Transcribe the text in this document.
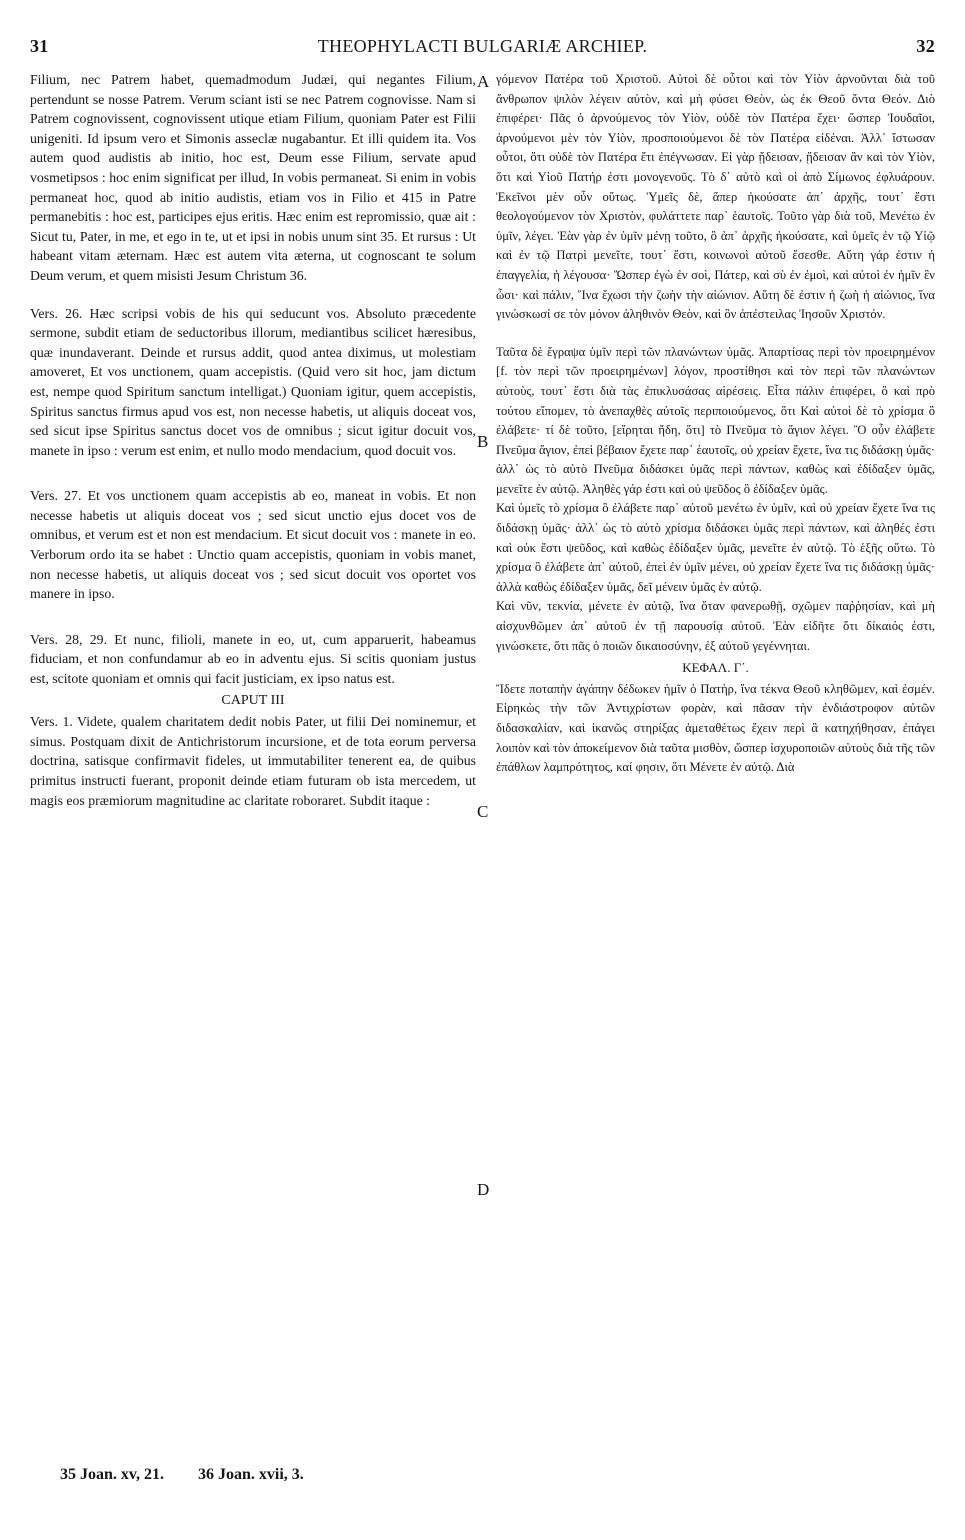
31	THEOPHYLACTI BULGARIÆ ARCHIEP.	32

Filium, nec Patrem habet, quemadmodum Judæi, qui negantes Filium, pertendunt se nosse Patrem. Verum sciant isti se nec Patrem cognovisse. Nam si Patrem cognovissent, cognovissent utique etiam Filium, quoniam Pater est Filii unigeniti. Id ipsum vero et Simonis asseclæ nugabantur. Et illi quidem ita. Vos autem quod audistis ab initio, hoc est, Deum esse Filium, servate apud vosmetipsos : hoc enim significat per illud, In vobis permaneat. Si enim in vobis permaneat hoc, quod ab initio audistis, etiam vos in Filio et 415 in Patre permanebitis : hoc est, participes ejus eritis. Hæc enim est repromissio, quæ ait : Sicut tu, Pater, in me, et ego in te, ut et ipsi in nobis unum sint 35. Et rursus : Ut habeant vitam æternam. Hæc est autem vita æterna, ut cognoscant te solum Deum verum, et quem misisti Jesum Christum 36.

Vers. 26. Hæc scripsi vobis de his qui seducunt vos. Absoluto præcedente sermone, subdit etiam de seductoribus illorum, mediantibus scilicet hæresibus, quæ inundaverant. Deinde et rursus addit, quod antea diximus, ut molestiam amoveret, Et vos unctionem, quam accepistis. (Quid vero sit hoc, jam dictum est, nempe quod Spiritum sanctum intelligat.) Quoniam igitur, quem accepistis, Spiritus sanctus firmus apud vos est, non necesse habetis, ut aliquis doceat vos, sed sicut ipse Spiritus sanctus docet vos de omnibus ; sicut igitur docuit vos, manete in ipso : verum est enim, et nullo modo mendacium, quod docuit vos.

Vers. 27. Et vos unctionem quam accepistis ab eo, maneat in vobis. Et non necesse habetis ut aliquis doceat vos ; sed sicut unctio ejus docet vos de omnibus, et verum est et non est mendacium. Et sicut docuit vos : manete in eo. Verborum ordo ita se habet : Unctio quam accepistis, quoniam in vobis manet, non necesse habetis, ut aliquis doceat vos ; sed sicut docuit vos oportet vos manere in ipso.

Vers. 28, 29. Et nunc, filioli, manete in eo, ut, cum apparuerit, habeamus fiduciam, et non confundamur ab eo in adventu ejus. Si scitis quoniam justus est, scitote quoniam et omnis qui facit justiciam, ex ipso natus est.

CAPUT III

Vers. 1. Videte, qualem charitatem dedit nobis Pater, ut filii Dei nominemur, et simus. Postquam dixit de Antichristorum incursione, et de tota eorum perversa doctrina, satisque confirmavit fideles, ut immutabiliter tenerent ea, de quibus primitus instructi fuerant, proponit deinde etiam futuram ob ista mercedem, ut magis eos præmiorum magnitudine ac claritate roboraret. Subdit itaque :

A
B
C
D

γόμενον Πατέρα τοῦ Χριστοῦ. Αὐτοὶ δὲ οὗτοι καὶ τὸν Υἱὸν ἀρνοῦνται διὰ τοῦ ἄνθρωπον ψιλὸν λέγειν αὐτὸν, καὶ μὴ φύσει Θεὸν, ὡς ἐκ Θεοῦ ὄντα Θεόν. Διὸ ἐπιφέρει· Πᾶς ὁ ἀρνούμενος τὸν Υἱὸν, οὐδὲ τὸν Πατέρα ἔχει· ὥσπερ Ἰουδαῖοι, ἀρνούμενοι μὲν τὸν Υἱὸν, προσποιούμενοι δὲ τὸν Πατέρα εἰδέναι. Ἀλλ᾽ ἴστωσαν οὗτοι, ὅτι οὐδὲ τὸν Πατέρα ἔτι ἐπέγνωσαν. Εἰ γὰρ ᾔδεισαν, ᾔδεισαν ἂν καὶ τὸν Υἱὸν, ὅτι καὶ Υἱοῦ Πατήρ ἐστι μονογενοῦς. Τὸ δ᾽ αὐτὸ καὶ οἱ ἀπὸ Σίμωνος ἐφλυάρουν. Ἐκεῖνοι μὲν οὖν οὕτως. Ὑμεῖς δὲ, ἅπερ ἠκούσατε ἀπ᾽ ἀρχῆς, τουτ᾽ ἔστι θεολογούμενον τὸν Χριστὸν, φυλάττετε παρ᾽ ἑαυτοῖς. Τοῦτο γὰρ διὰ τοῦ, Μενέτω ἐν ὑμῖν, λέγει. Ἐὰν γὰρ ἐν ὑμῖν μένῃ τοῦτο, ὃ ἀπ᾽ ἀρχῆς ἠκούσατε, καὶ ὑμεῖς ἐν τῷ Υἱῷ καὶ ἐν τῷ Πατρὶ μενεῖτε, τουτ᾽ ἔστι, κοινωνοὶ αὐτοῦ ἔσεσθε. Αὕτη γάρ ἐστιν ἡ ἐπαγγελία, ἡ λέγουσα· Ὥσπερ ἐγὼ ἐν σοὶ, Πάτερ, καὶ σὺ ἐν ἐμοὶ, καὶ αὐτοὶ ἐν ἡμῖν ἓν ὦσι· καὶ πάλιν, Ἵνα ἔχωσι τὴν ζωὴν τὴν αἰώνιον. Αὕτη δὲ ἐστιν ἡ ζωὴ ἡ αἰώνιος, ἵνα γινώσκωσί σε τὸν μόνον ἀληθινὸν Θεὸν, καὶ ὃν ἀπέστειλας Ἰησοῦν Χριστόν.

Ταῦτα δὲ ἔγραψα ὑμῖν περὶ τῶν πλανώντων ὑμᾶς. Ἀπαρτίσας περὶ τὸν προειρημένον [f. τὸν περὶ τῶν προειρημένων] λόγον, προστίθησι καὶ τὸν περὶ τῶν πλανώντων αὐτοὺς, τουτ᾽ ἔστι διὰ τὰς ἐπικλυσάσας αἱρέσεις. Εἶτα πάλιν ἐπιφέρει, ὃ καὶ πρὸ τούτου εἴπομεν, τὸ ἀνεπαχθὲς αὐτοῖς περιποιούμενος, ὅτι Καὶ αὐτοὶ δὲ τὸ χρίσμα ὃ ἐλάβετε· τί δὲ τοῦτο, [εἴρηται ἤδη, ὅτι] τὸ Πνεῦμα τὸ ἅγιον λέγει. Ὃ οὖν ἐλάβετε Πνεῦμα ἅγιον, ἐπεὶ βέβαιον ἔχετε παρ᾽ ἑαυτοῖς, οὐ χρείαν ἔχετε, ἵνα τις διδάσκῃ ὑμᾶς· ἀλλ᾽ ὡς τὸ αὐτὸ Πνεῦμα διδάσκει ὑμᾶς περὶ πάντων, καθὼς καὶ ἐδίδαξεν ὑμᾶς, μενεῖτε ἐν αὐτῷ. Ἀληθὲς γάρ ἐστι καὶ οὐ ψεῦδος ὃ ἐδίδαξεν ὑμᾶς.

Καὶ ὑμεῖς τὸ χρίσμα ὃ ἐλάβετε παρ᾽ αὐτοῦ μενέτω ἐν ὑμῖν, καὶ οὐ χρείαν ἔχετε ἵνα τις διδάσκῃ ὑμᾶς· ἀλλ᾽ ὡς τὸ αὐτὸ χρίσμα διδάσκει ὑμᾶς περὶ πάντων, καὶ ἀληθές ἐστι καὶ οὐκ ἔστι ψεῦδος, καὶ καθὼς ἐδίδαξεν ὑμᾶς, μενεῖτε ἐν αὐτῷ. Τὸ ἑξῆς οὕτω. Τὸ χρίσμα ὃ ἐλάβετε ἀπ᾽ αὐτοῦ, ἐπεὶ ἐν ὑμῖν μένει, οὐ χρείαν ἔχετε ἵνα τις διδάσκῃ ὑμᾶς· ἀλλὰ καθὼς ἐδίδαξεν ὑμᾶς, δεῖ μένειν ὑμᾶς ἐν αὐτῷ.

Καὶ νῦν, τεκνία, μένετε ἐν αὐτῷ, ἵνα ὅταν φανερωθῇ, σχῶμεν παῤῥησίαν, καὶ μὴ αἰσχυνθῶμεν ἀπ᾽ αὐτοῦ ἐν τῇ παρουσίᾳ αὐτοῦ. Ἐὰν εἰδῆτε ὅτι δίκαιός ἐστι, γινώσκετε, ὅτι πᾶς ὁ ποιῶν δικαιοσύνην, ἐξ αὐτοῦ γεγέννηται.

ΚΕΦΑΛ. Γ΄.

Ἴδετε ποταπὴν ἀγάπην δέδωκεν ἡμῖν ὁ Πατὴρ, ἵνα τέκνα Θεοῦ κληθῶμεν, καὶ ἐσμέν. Εἰρηκὼς τὴν τῶν Ἀντιχρίστων φορὰν, καὶ πᾶσαν τὴν ἐνδιάστροφον αὐτῶν διδασκαλίαν, καὶ ἱκανῶς στηρίξας ἀμεταθέτως ἔχειν περὶ ἃ κατηχήθησαν, ἐπάγει λοιπὸν καὶ τὸν ἀποκείμενον διὰ ταῦτα μισθὸν, ὥσπερ ἰσχυροποιῶν αὐτοὺς διὰ τῆς τῶν ἐπάθλων λαμπρότητος, καί φησιν, ὅτι Μένετε ἐν αὐτῷ. Διὰ

35 Joan. xv, 21. 36 Joan. xvii, 3.
